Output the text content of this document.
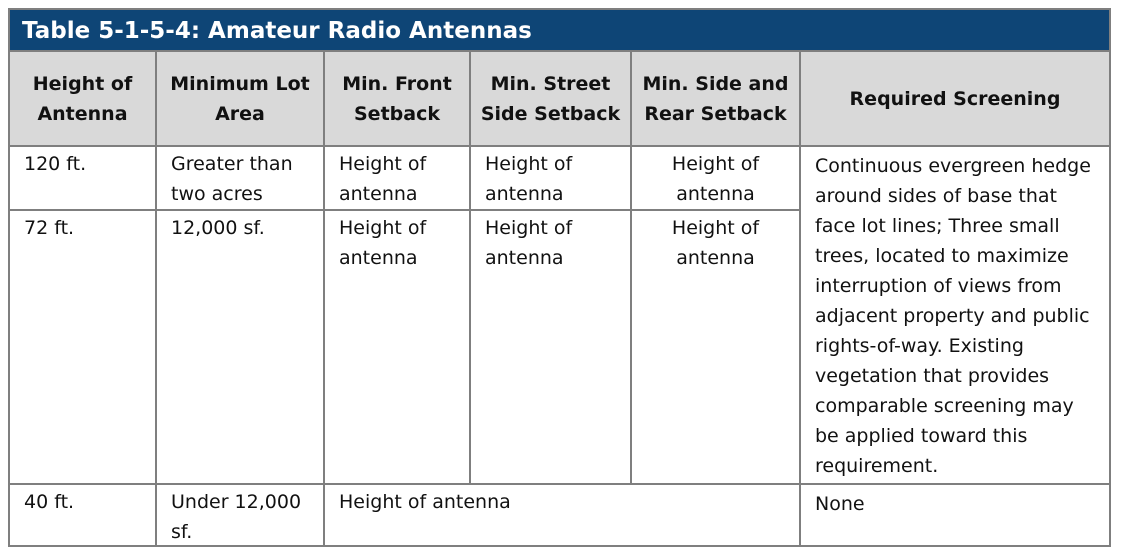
Table 5-1-5-4: Amateur Radio Antennas
Height of Antenna	Minimum Lot Area	Min. Front Setback	Min. Street Side Setback	Min. Side and Rear Setback	Required Screening
120 ft.	Greater than two acres	Height of antenna	Height of antenna	Height of antenna	Continuous evergreen hedge around sides of base that face lot lines; Three small trees, located to maximize interruption of views from adjacent property and public rights-of-way. Existing vegetation that provides comparable screening may be applied toward this requirement.
72 ft.	12,000 sf.	Height of antenna	Height of antenna	Height of antenna	
40 ft.	Under 12,000 sf.	Height of antenna			None
